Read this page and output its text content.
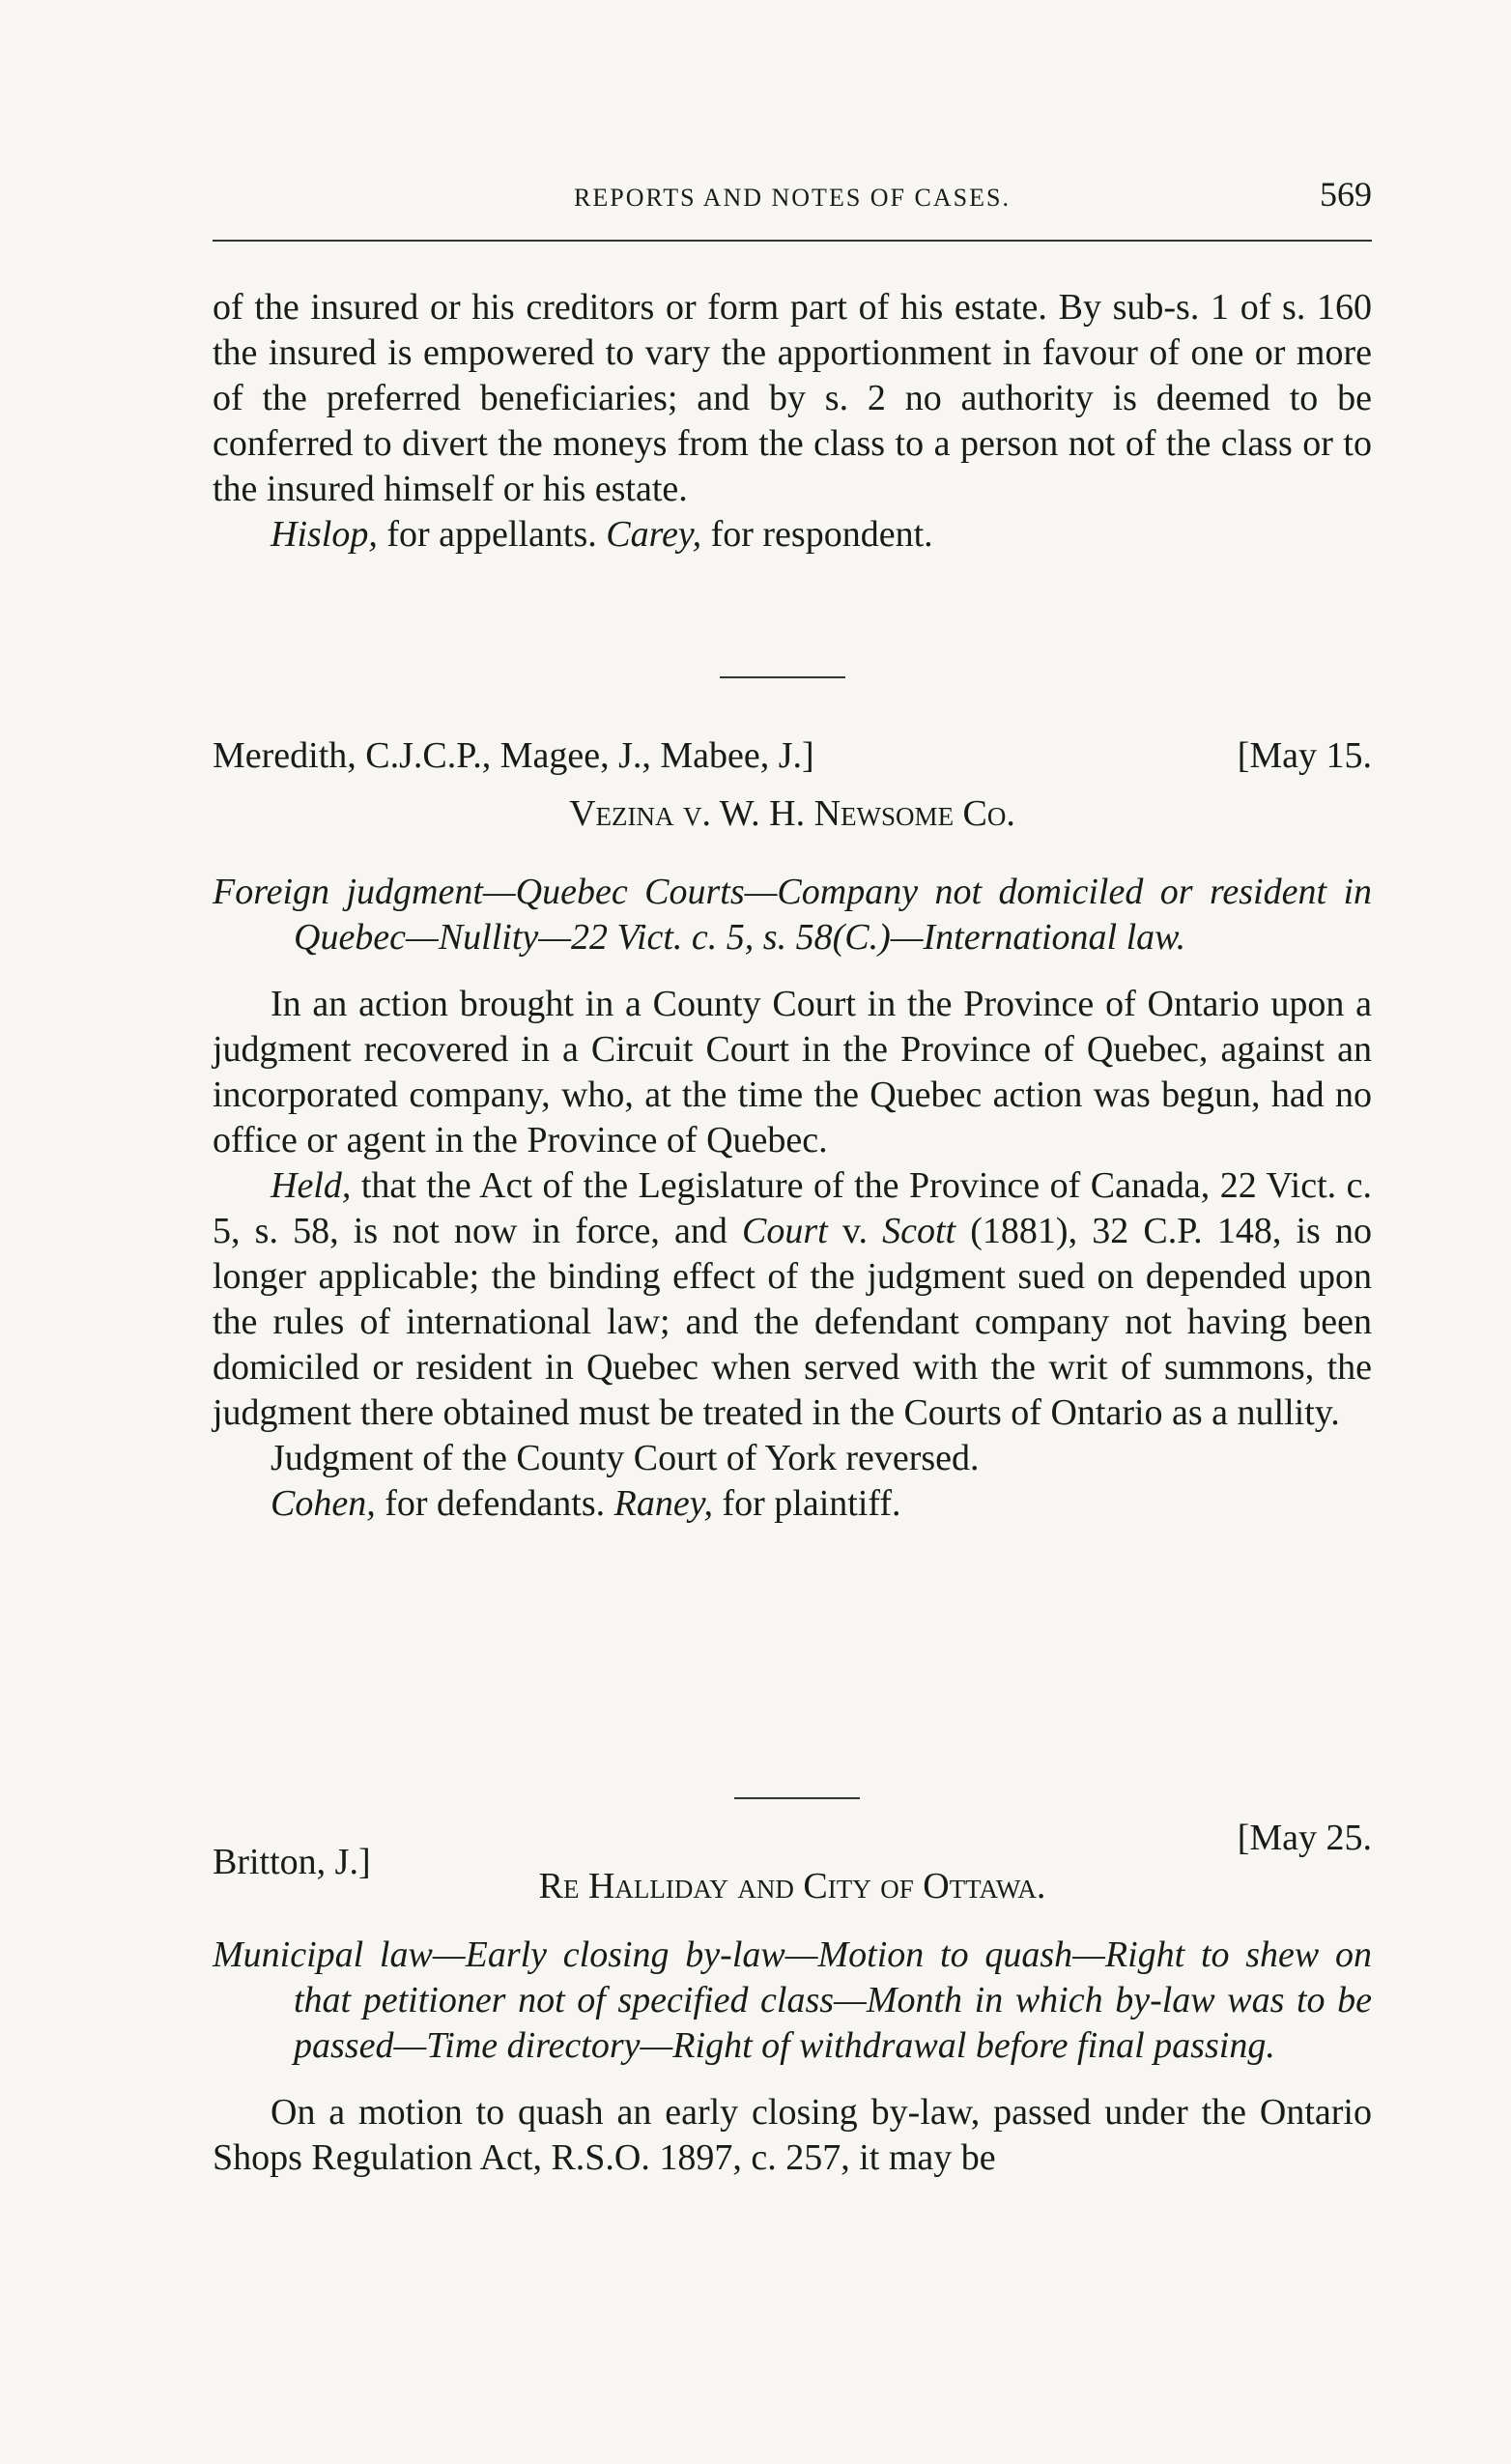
REPORTS AND NOTES OF CASES.	569

of the insured or his creditors or form part of his estate. By sub-s. 1 of s. 160 the insured is empowered to vary the apportionment in favour of one or more of the preferred beneficiaries; and by s. 2 no authority is deemed to be conferred to divert the moneys from the class to a person not of the class or to the insured himself or his estate.

Hislop, for appellants. Carey, for respondent.

Meredith, C.J.C.P., Magee, J., Mabee, J.]	[May 15.
Vezina v. W. H. Newsome Co.

Foreign judgment—Quebec Courts—Company not domiciled or resident in Quebec—Nullity—22 Vict. c. 5, s. 58(C.)—International law.

In an action brought in a County Court in the Province of Ontario upon a judgment recovered in a Circuit Court in the Province of Quebec, against an incorporated company, who, at the time the Quebec action was begun, had no office or agent in the Province of Quebec.

Held, that the Act of the Legislature of the Province of Canada, 22 Vict. c. 5, s. 58, is not now in force, and Court v. Scott (1881), 32 C.P. 148, is no longer applicable; the binding effect of the judgment sued on depended upon the rules of international law; and the defendant company not having been domiciled or resident in Quebec when served with the writ of summons, the judgment there obtained must be treated in the Courts of Ontario as a nullity.

Judgment of the County Court of York reversed.

Cohen, for defendants. Raney, for plaintiff.

Britton, J.]
[May 25.
Re Halliday and City of Ottawa.

Municipal law—Early closing by-law—Motion to quash—Right to shew on that petitioner not of specified class—Month in which by-law was to be passed—Time directory—Right of withdrawal before final passing.

On a motion to quash an early closing by-law, passed under the Ontario Shops Regulation Act, R.S.O. 1897, c. 257, it may be
